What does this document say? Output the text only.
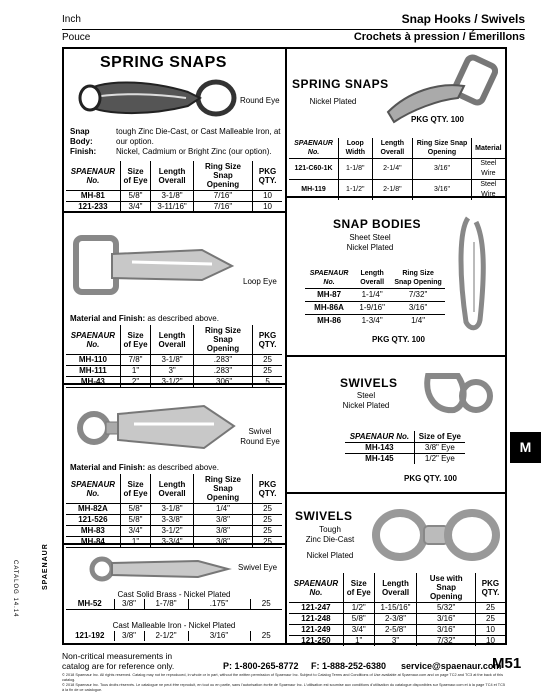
Inch	Snap Hooks / Swivels
Pouce	Crochets à pression / Émerillons
SPRING SNAPS
Round Eye
Snap Body:
tough Zinc Die-Cast, or Cast Malleable Iron, at our option.
Finish:	Nickel, Cadmium or Bright Zinc (our option).
SPAENAUR No.	Size of Eye	Length Overall	Ring Size Snap Opening	PKG QTY.
MH-81	5/8"	3-1/8"	7/16"	10
121-233	3/4"	3-11/16"	7/16"	10
Loop Eye
Material and Finish: as described above.
SPAENAUR No.	Size of Eye	Length Overall	Ring Size Snap Opening	PKG QTY.
MH-110	7/8"	3-1/8"	.283"	25
MH-111	1"	3"	.283"	25
MH-43	2"	3-1/2"	.306"	5
Swivel
Round Eye
Material and Finish: as described above.
SPAENAUR No.	Size of Eye	Length Overall	Ring Size Snap Opening	PKG QTY.
MH-82A	5/8"	3-1/8"	1/4"	25
121-526	5/8"	3-3/8"	3/8"	25
MH-83	3/4"	3-1/2"	3/8"	25
MH-84	1"	3-3/4"	3/8"	25
Swivel Eye
Cast Solid Brass - Nickel Plated
MH-52	3/8"	1-7/8"	.175"	25
Cast Malleable Iron - Nickel Plated
121-192	3/8"	2-1/2"	3/16"	25
SPRING SNAPS
Nickel Plated
PKG QTY. 100
SPAENAUR No.	Loop Width	Length Overall	Ring Size Snap Opening	Material
121-C60-1K	1-1/8"	2-1/4"	3/16"	Steel Wire
MH-119	1-1/2"	2-1/8"	3/16"	Steel Wire
SNAP BODIES
Sheet Steel
Nickel Plated
SPAENAUR No.	Length Overall	Ring Size Snap Opening
MH-87	1-1/4"	7/32"
MH-86A	1-9/16"	3/16"
MH-86	1-3/4"	1/4"
PKG QTY. 100
SWIVELS
Steel
Nickel Plated
SPAENAUR No.	Size of Eye
MH-143	3/8" Eye
MH-145	1/2" Eye
PKG QTY. 100
SWIVELS
Tough
Zinc Die-Cast
Nickel Plated
SPAENAUR No.	Size of Eye	Length Overall	Use with Snap Opening	PKG QTY.
121-247	1/2"	1-15/16"	5/32"	25
121-248	5/8"	2-3/8"	3/16"	25
121-249	3/4"	2-5/8"	3/16"	10
121-250	1"	3"	7/32"	10
M
CATALOG 14.14	SPAENAUR
Non-critical measurements in
catalog are for reference only.	P: 1-800-265-8772 F: 1-888-252-6380 service@spaenaur.com
M51
© 2018 Spaenaur Inc. All rights reserved. Catalog may not be reproduced, in whole or in part, without the written permission of Spaenaur Inc. Subject to Catalog Terms and Conditions of Use available at Spaenaur.com and on page TC2 and TC3 at the back of this catalog.
© 2018 Spaenaur Inc. Tous droits réservés. Le catalogue ne peut être reproduit, en tout ou en partie, sans l'autorisation écrite de Spaenaur Inc. L'utilisation est soumise aux conditions d'utilisation du catalogue disponibles sur Spaenaur.com et à la page TC4 et TC5 à la fin de ce catalogue.
